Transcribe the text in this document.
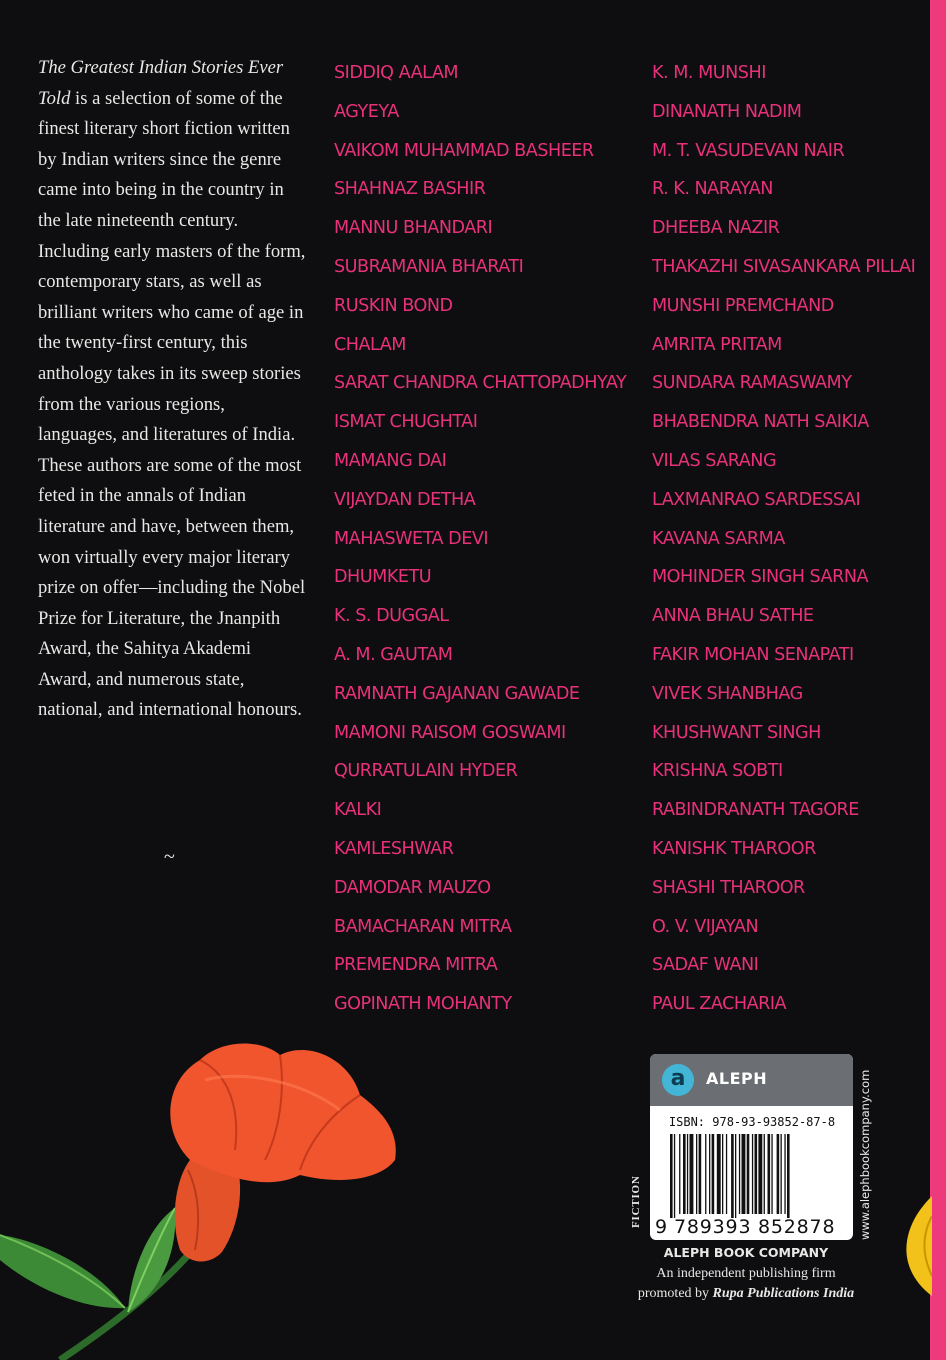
The Greatest Indian Stories Ever Told is a selection of some of the finest literary short fiction written by Indian writers since the genre came into being in the country in the late nineteenth century. Including early masters of the form, contemporary stars, as well as brilliant writers who came of age in the twenty-first century, this anthology takes in its sweep stories from the various regions, languages, and literatures of India. These authors are some of the most feted in the annals of Indian literature and have, between them, won virtually every major literary prize on offer—including the Nobel Prize for Literature, the Jnanpith Award, the Sahitya Akademi Award, and numerous state, national, and international honours.

~
SIDDIQ AALAM
AGYEYA
VAIKOM MUHAMMAD BASHEER
SHAHNAZ BASHIR
MANNU BHANDARI
SUBRAMANIA BHARATI
RUSKIN BOND
CHALAM
SARAT CHANDRA CHATTOPADHYAY
ISMAT CHUGHTAI
MAMANG DAI
VIJAYDAN DETHA
MAHASWETA DEVI
DHUMKETU
K. S. DUGGAL
A. M. GAUTAM
RAMNATH GAJANAN GAWADE
MAMONI RAISOM GOSWAMI
QURRATULAIN HYDER
KALKI
KAMLESHWAR
DAMODAR MAUZO
BAMACHARAN MITRA
PREMENDRA MITRA
GOPINATH MOHANTY
K. M. MUNSHI
DINANATH NADIM
M. T. VASUDEVAN NAIR
R. K. NARAYAN
DHEEBA NAZIR
THAKAZHI SIVASANKARA PILLAI
MUNSHI PREMCHAND
AMRITA PRITAM
SUNDARA RAMASWAMY
BHABENDRA NATH SAIKIA
VILAS SARANG
LAXMANRAO SARDESSAI
KAVANA SARMA
MOHINDER SINGH SARNA
ANNA BHAU SATHE
FAKIR MOHAN SENAPATI
VIVEK SHANBHAG
KHUSHWANT SINGH
KRISHNA SOBTI
RABINDRANATH TAGORE
KANISHK THAROOR
SHASHI THAROOR
O. V. VIJAYAN
SADAF WANI
PAUL ZACHARIA
FICTION
a	ALEPH
ISBN: 978-93-93852-87-8
9 789393 852878 www.alephbookcompany.com
ALEPH BOOK COMPANY
An independent publishing firm
promoted by Rupa Publications India
